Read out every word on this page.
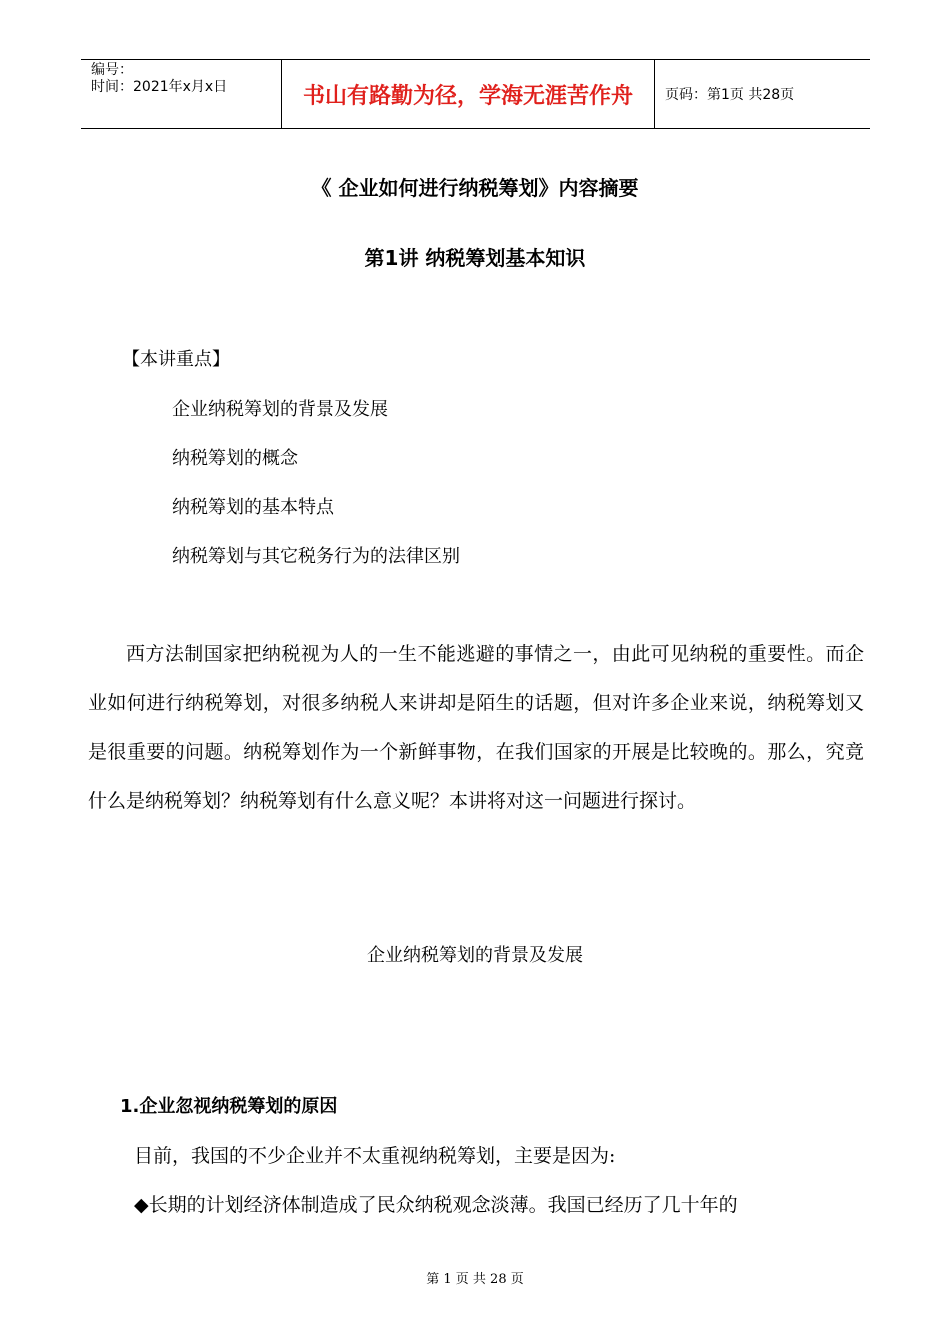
编号：
时间：2021年x月x日	书山有路勤为径，学海无涯苦作舟	页码：第1页 共28页
《 企业如何进行纳税筹划》内容摘要
第1讲 纳税筹划基本知识
【本讲重点】
企业纳税筹划的背景及发展
纳税筹划的概念
纳税筹划的基本特点
纳税筹划与其它税务行为的法律区别

西方法制国家把纳税视为人的一生不能逃避的事情之一，由此可见纳税的重要性。而企业如何进行纳税筹划，对很多纳税人来讲却是陌生的话题，但对许多企业来说，纳税筹划又是很重要的问题。纳税筹划作为一个新鲜事物，在我们国家的开展是比较晚的。那么，究竟什么是纳税筹划？纳税筹划有什么意义呢？本讲将对这一问题进行探讨。

企业纳税筹划的背景及发展
1.企业忽视纳税筹划的原因
目前，我国的不少企业并不太重视纳税筹划，主要是因为:
◆长期的计划经济体制造成了民众纳税观念淡薄。我国已经历了几十年的
第 1 页 共 28 页
